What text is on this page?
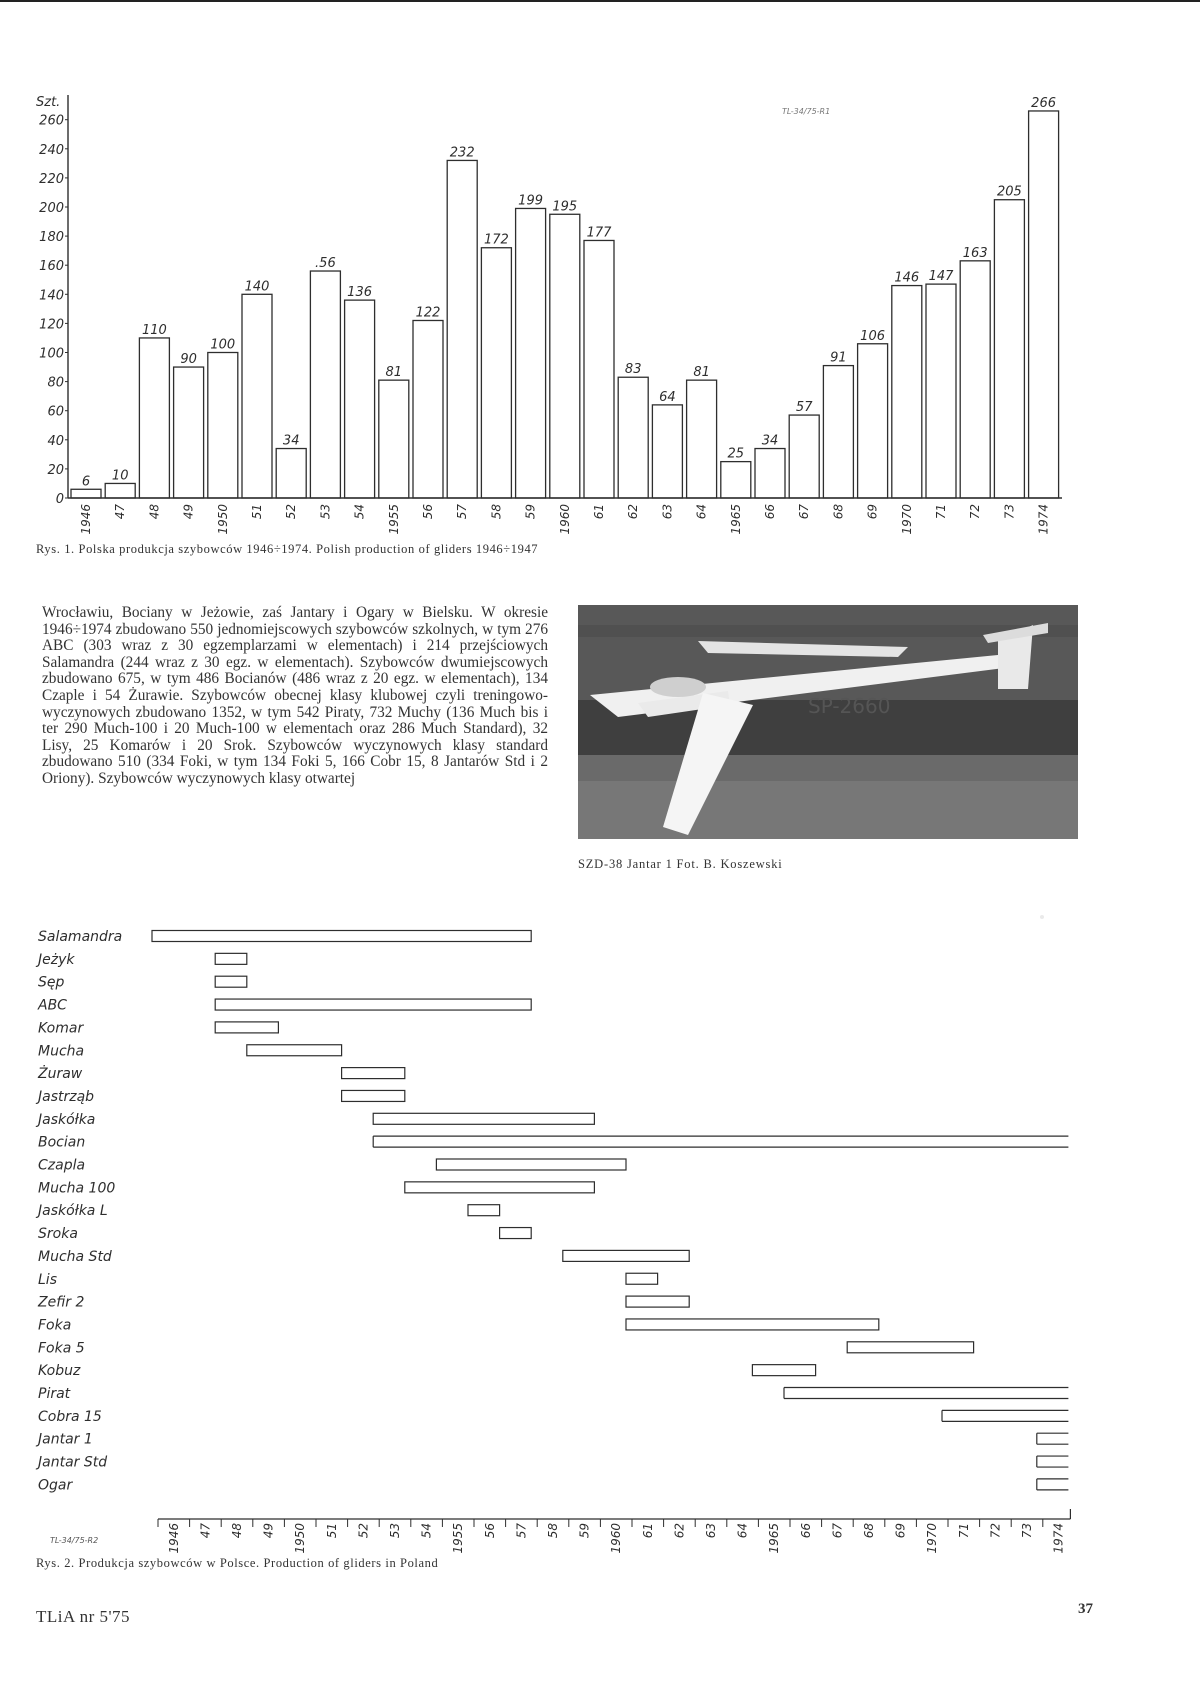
Szt.
0
20
40
60
80
100
120
140
160
180
200
220
240
260
6
1946
10
47
110
48
90
49
100
1950
140
51
34
52
.56
53
136
54
81
1955
122
56
232
57
172
58
199
59
195
1960
177
61
83
62
64
63
81
64
25
1965
34
66
57
67
91
68
106
69
146
1970
147
71
163
72
205
73
266
1974
TL-34/75-R1
Rys. 1. Polska produkcja szybowców 1946÷1974. Polish production of gliders 1946÷1947

Wrocławiu, Bociany w Jeżowie, zaś Jantary i Ogary w Bielsku. W okresie 1946÷1974 zbudowano 550 jednomiejscowych szybowców szkolnych, w tym 276 ABC (303 wraz z 30 egzemplarzami w elementach) i 214 przejściowych Salamandra (244 wraz z 30 egz. w elementach). Szybowców dwumiejscowych zbudowano 675, w tym 486 Bocianów (486 wraz z 20 egz. w elementach), 134 Czaple i 54 Żurawie. Szybowców obecnej klasy klubowej czyli treningowo-wyczynowych zbudowano 1352, w tym 542 Piraty, 732 Muchy (136 Much bis i ter 290 Much-100 i 20 Much-100 w elementach oraz 286 Much Standard), 32 Lisy, 25 Komarów i 20 Srok. Szybowców wyczynowych klasy standard zbudowano 510 (334 Foki, w tym 134 Foki 5, 166 Cobr 15, 8 Jantarów Std i 2 Oriony). Szybowców wyczynowych klasy otwartej

SP-2660
SZD-38 Jantar 1 Fot. B. Koszewski
Salamandra
Jeżyk
Sęp
ABC
Komar
Mucha
Żuraw
Jastrząb
Jaskółka
Bocian
Czapla
Mucha 100
Jaskółka L
Sroka
Mucha Std
Lis
Zefir 2
Foka
Foka 5
Kobuz
Pirat
Cobra 15
Jantar 1
Jantar Std
Ogar
1946 47 48 49 1950 51 52 53 54 1955 56 57 58 59 1960 61 62 63 64 1965 66 67 68 69 1970 71 72 73 1974
TL-34/75-R2
Rys. 2. Produkcja szybowców w Polsce. Production of gliders in Poland
TLiA nr 5'75	37
